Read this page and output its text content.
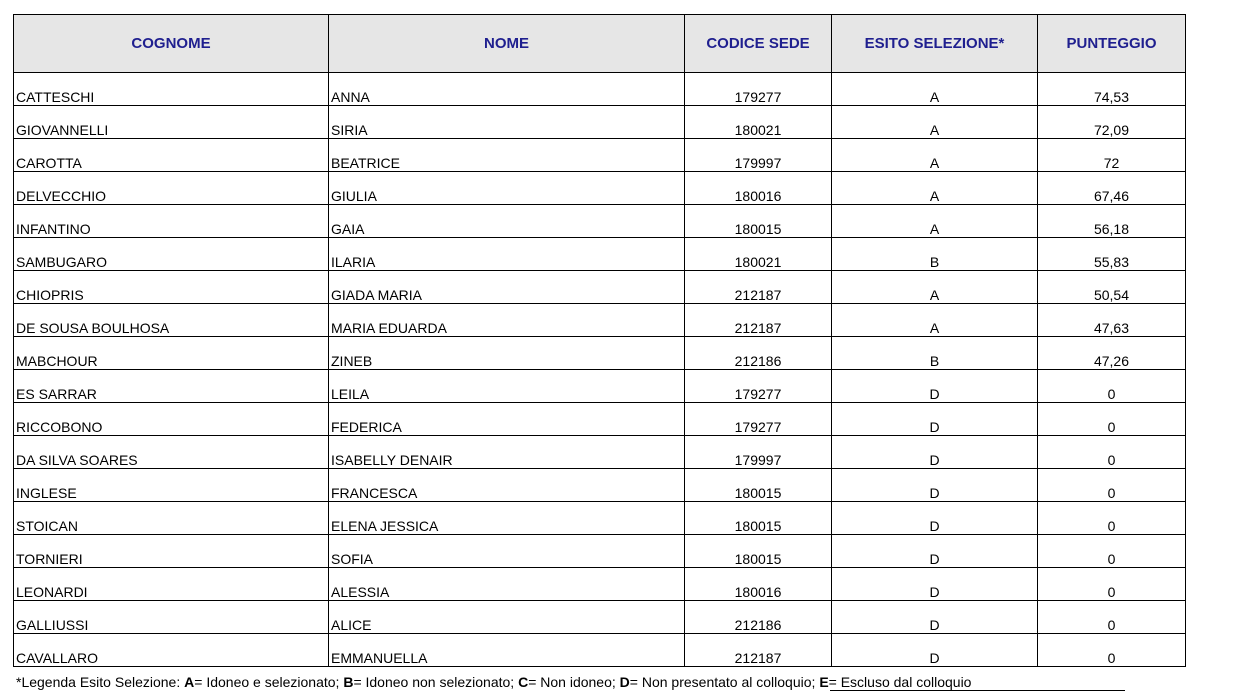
COGNOME	NOME	CODICE SEDE	ESITO SELEZIONE*	PUNTEGGIO
CATTESCHI	ANNA	179277	A	74,53
GIOVANNELLI	SIRIA	180021	A	72,09
CAROTTA	BEATRICE	179997	A	72
DELVECCHIO	GIULIA	180016	A	67,46
INFANTINO	GAIA	180015	A	56,18
SAMBUGARO	ILARIA	180021	B	55,83
CHIOPRIS	GIADA MARIA	212187	A	50,54
DE SOUSA BOULHOSA	MARIA EDUARDA	212187	A	47,63
MABCHOUR	ZINEB	212186	B	47,26
ES SARRAR	LEILA	179277	D	0
RICCOBONO	FEDERICA	179277	D	0
DA SILVA SOARES	ISABELLY DENAIR	179997	D	0
INGLESE	FRANCESCA	180015	D	0
STOICAN	ELENA JESSICA	180015	D	0
TORNIERI	SOFIA	180015	D	0
LEONARDI	ALESSIA	180016	D	0
GALLIUSSI	ALICE	212186	D	0
CAVALLARO	EMMANUELLA	212187	D	0
*Legenda Esito Selezione: A= Idoneo e selezionato; B= Idoneo non selezionato; C= Non idoneo; D= Non presentato al colloquio; E= Escluso dal colloquio
